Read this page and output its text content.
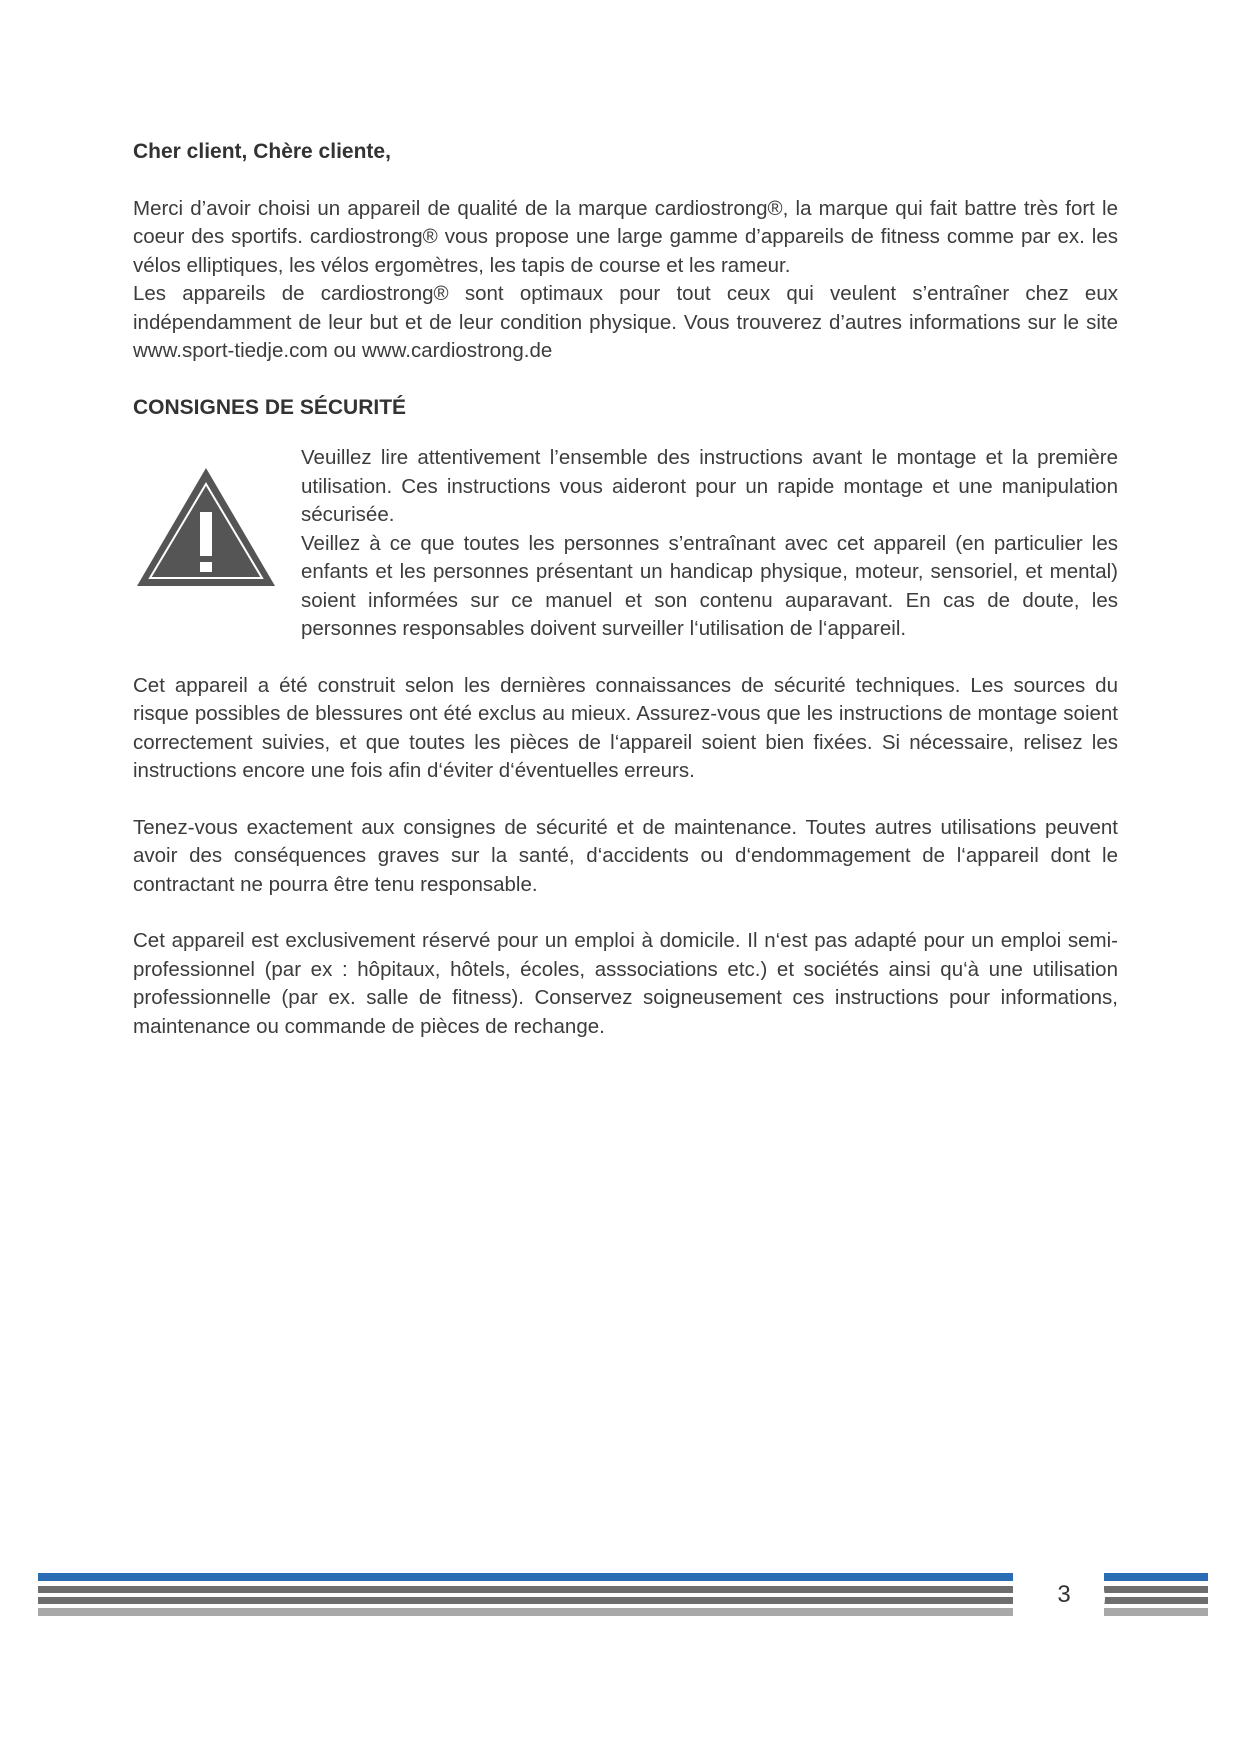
Cher client, Chère cliente,

Merci d’avoir choisi un appareil de qualité de la marque cardiostrong®, la marque qui fait battre très fort le coeur des sportifs. cardiostrong® vous propose une large gamme d’appareils de fitness comme par ex. les vélos elliptiques, les vélos ergomètres, les tapis de course et les rameur.

Les appareils de cardiostrong® sont optimaux pour tout ceux qui veulent s’entraîner chez eux indépendamment de leur but et de leur condition physique. Vous trouverez d’autres informations sur le site www.sport-tiedje.com ou www.cardiostrong.de

CONSIGNES DE SÉCURITÉ

Veuillez lire attentivement l’ensemble des instructions avant le montage et la première utilisation. Ces instructions vous aideront pour un rapide montage et une manipulation sécurisée.

Veillez à ce que toutes les personnes s’entraînant avec cet appareil (en particulier les enfants et les personnes présentant un handicap physique, moteur, sensoriel, et mental) soient informées sur ce manuel et son contenu auparavant. En cas de doute, les personnes responsables doivent surveiller l‘utilisation de l‘appareil.

Cet appareil a été construit selon les dernières connaissances de sécurité techniques. Les sources du risque possibles de blessures ont été exclus au mieux. Assurez-vous que les instructions de montage soient correctement suivies, et que toutes les pièces de l‘appareil soient bien fixées. Si nécessaire, relisez les instructions encore une fois afin d‘éviter d‘éventuelles erreurs.

Tenez-vous exactement aux consignes de sécurité et de maintenance. Toutes autres utilisations peuvent avoir des conséquences graves sur la santé, d‘accidents ou d‘endommagement de l‘appareil dont le contractant ne pourra être tenu responsable.

Cet appareil est exclusivement réservé pour un emploi à domicile. Il n‘est pas adapté pour un emploi semi-professionnel (par ex : hôpitaux, hôtels, écoles, asssociations etc.) et sociétés ainsi qu‘à une utilisation professionnelle (par ex. salle de fitness). Conservez soigneusement ces instructions pour informations, maintenance ou commande de pièces de rechange.

3
